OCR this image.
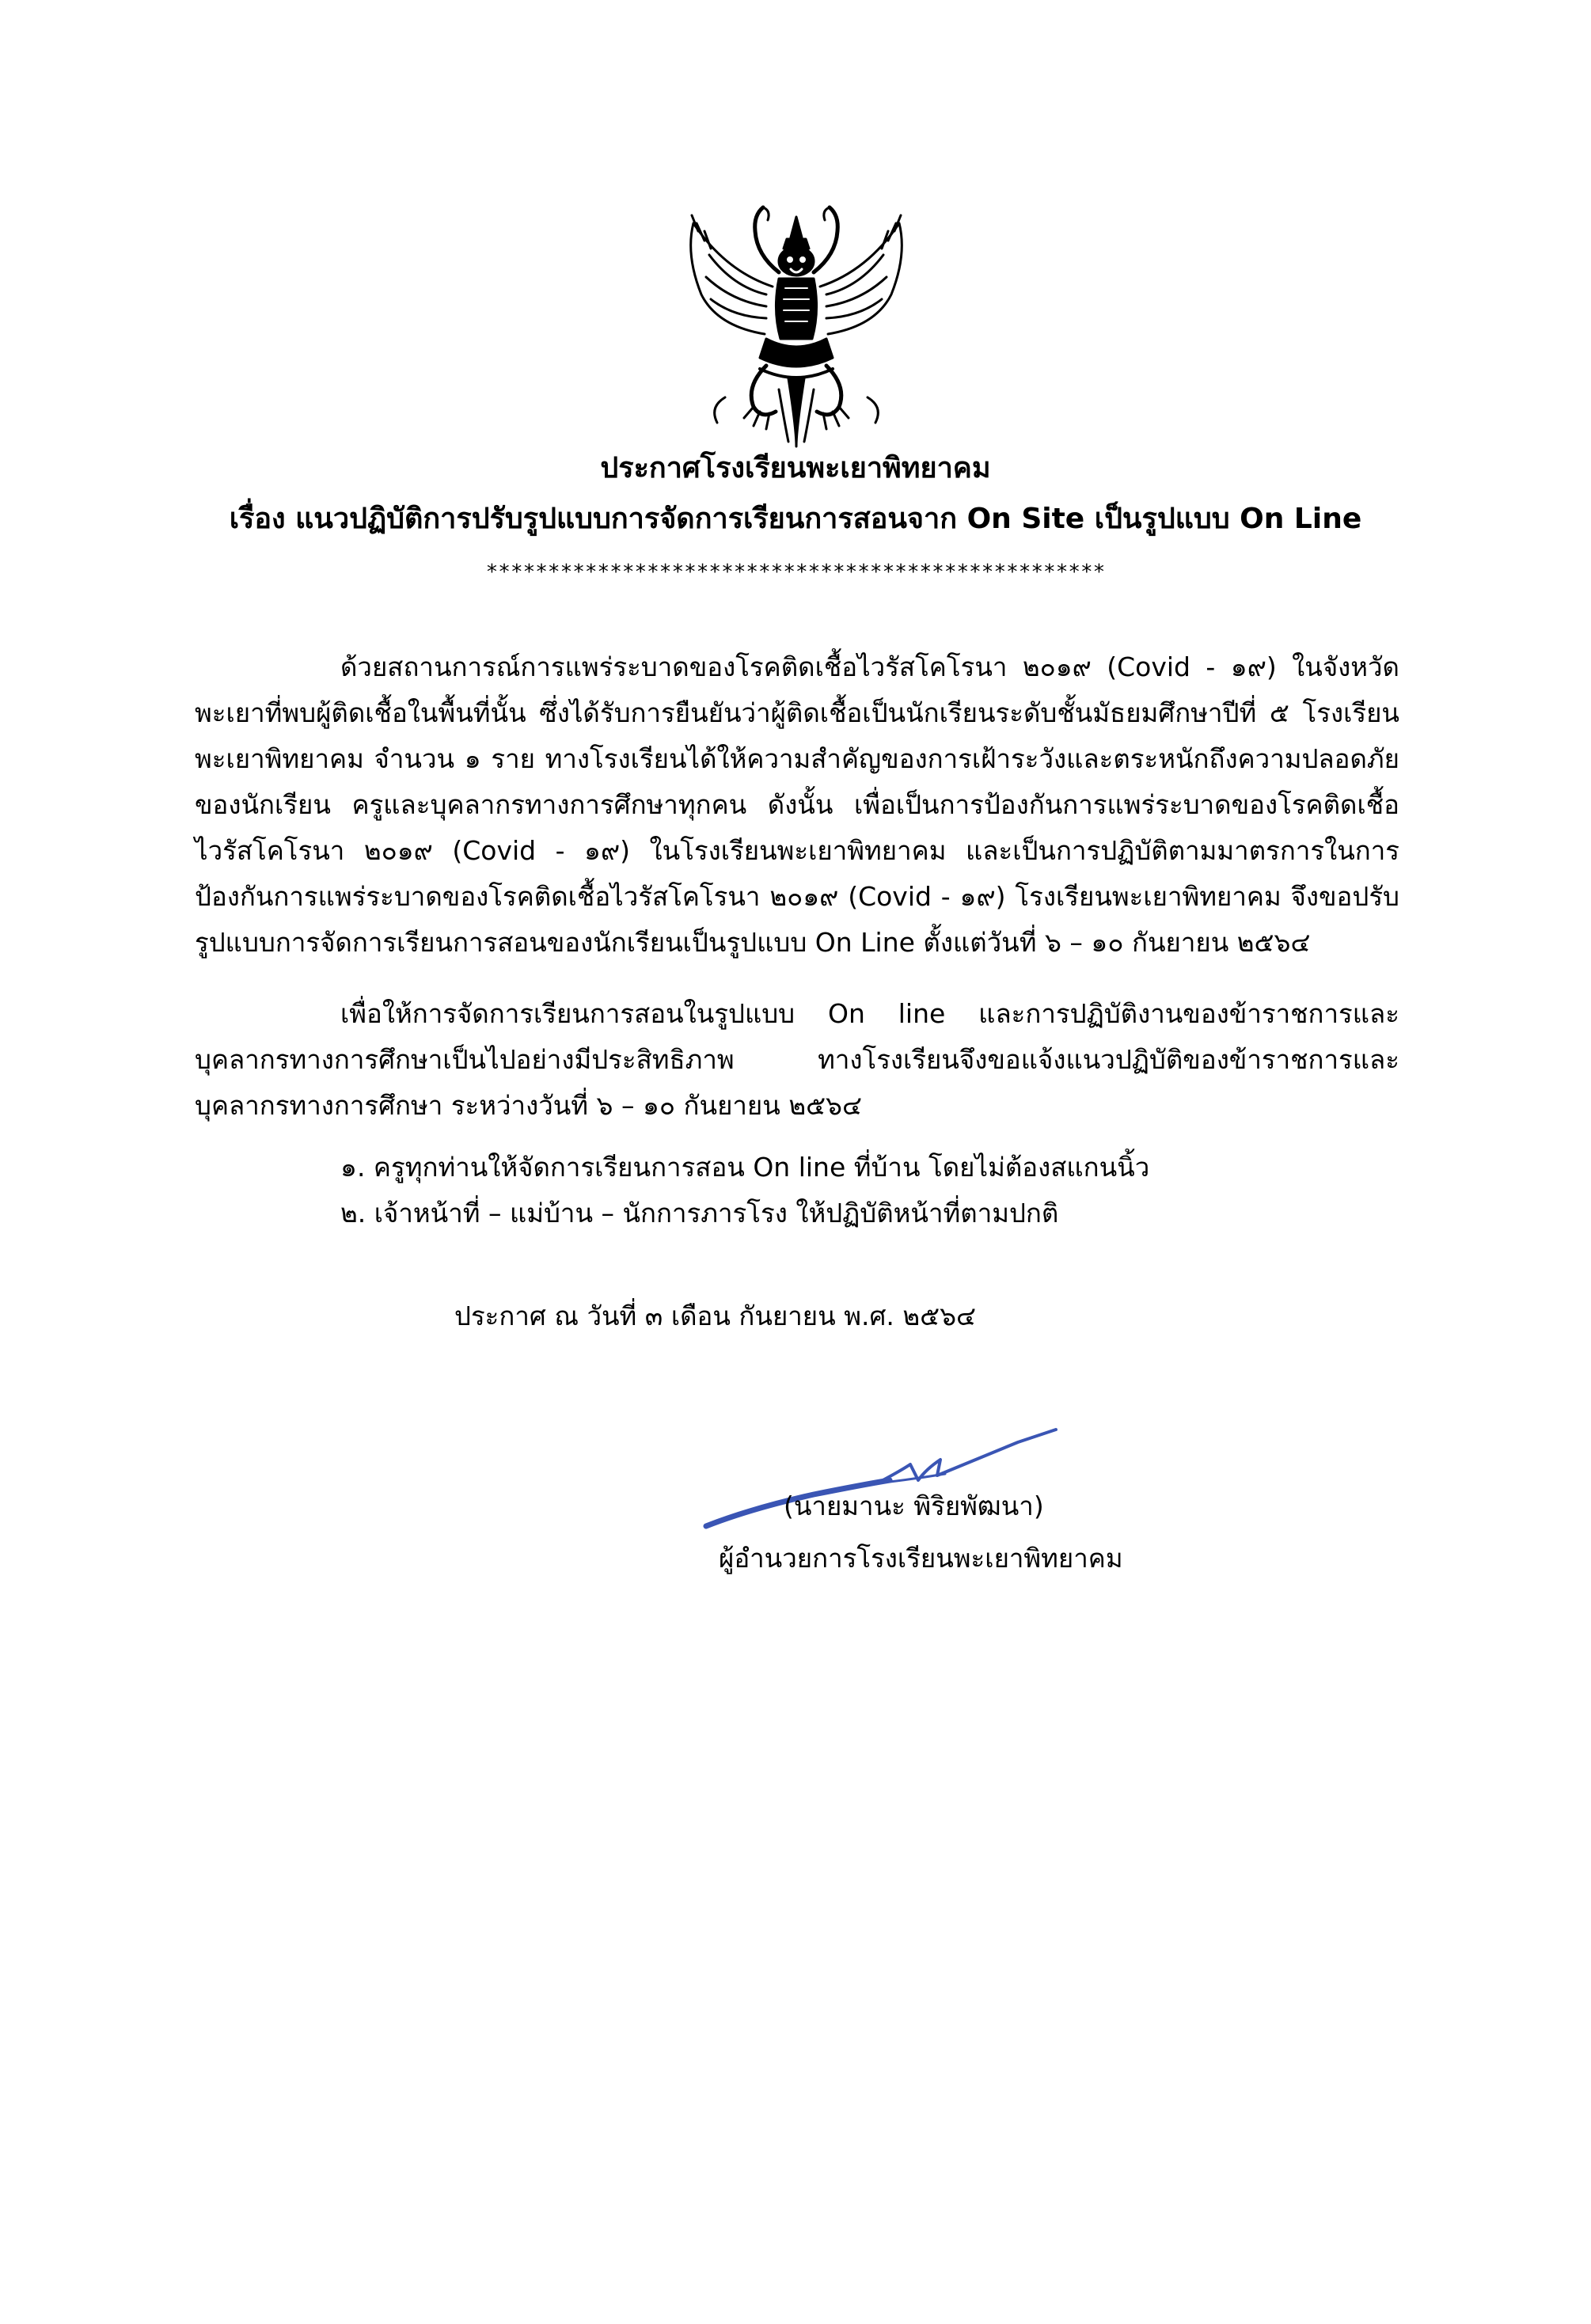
ประกาศโรงเรียนพะเยาพิทยาคม
เรื่อง แนวปฏิบัติการปรับรูปแบบการจัดการเรียนการสอนจาก On Site เป็นรูปแบบ On Line
**************************************************

ด้วยสถานการณ์การแพร่ระบาดของโรคติดเชื้อไวรัสโคโรนา ๒๐๑๙ (Covid - ๑๙) ในจังหวัดพะเยาที่พบผู้ติดเชื้อในพื้นที่นั้น ซึ่งได้รับการยืนยันว่าผู้ติดเชื้อเป็นนักเรียนระดับชั้นมัธยมศึกษาปีที่ ๕ โรงเรียนพะเยาพิทยาคม จำนวน ๑ ราย ทางโรงเรียนได้ให้ความสำคัญของการเฝ้าระวังและตระหนักถึงความปลอดภัยของนักเรียน ครูและบุคลากรทางการศึกษาทุกคน ดังนั้น เพื่อเป็นการป้องกันการแพร่ระบาดของโรคติดเชื้อไวรัสโคโรนา ๒๐๑๙ (Covid - ๑๙) ในโรงเรียนพะเยาพิทยาคม และเป็นการปฏิบัติตามมาตรการในการป้องกันการแพร่ระบาดของโรคติดเชื้อไวรัสโคโรนา ๒๐๑๙ (Covid - ๑๙) โรงเรียนพะเยาพิทยาคม จึงขอปรับรูปแบบการจัดการเรียนการสอนของนักเรียนเป็นรูปแบบ On Line ตั้งแต่วันที่ ๖ – ๑๐ กันยายน ๒๕๖๔

เพื่อให้การจัดการเรียนการสอนในรูปแบบ On line และการปฏิบัติงานของข้าราชการและบุคลากรทางการศึกษาเป็นไปอย่างมีประสิทธิภาพ ทางโรงเรียนจึงขอแจ้งแนวปฏิบัติของข้าราชการและบุคลากรทางการศึกษา ระหว่างวันที่ ๖ – ๑๐ กันยายน ๒๕๖๔

๑. ครูทุกท่านให้จัดการเรียนการสอน On line ที่บ้าน โดยไม่ต้องสแกนนิ้ว
๒. เจ้าหน้าที่ – แม่บ้าน – นักการภารโรง ให้ปฏิบัติหน้าที่ตามปกติ
ประกาศ ณ วันที่ ๓ เดือน กันยายน พ.ศ. ๒๕๖๔
(นายมานะ พิริยพัฒนา)
ผู้อำนวยการโรงเรียนพะเยาพิทยาคม
